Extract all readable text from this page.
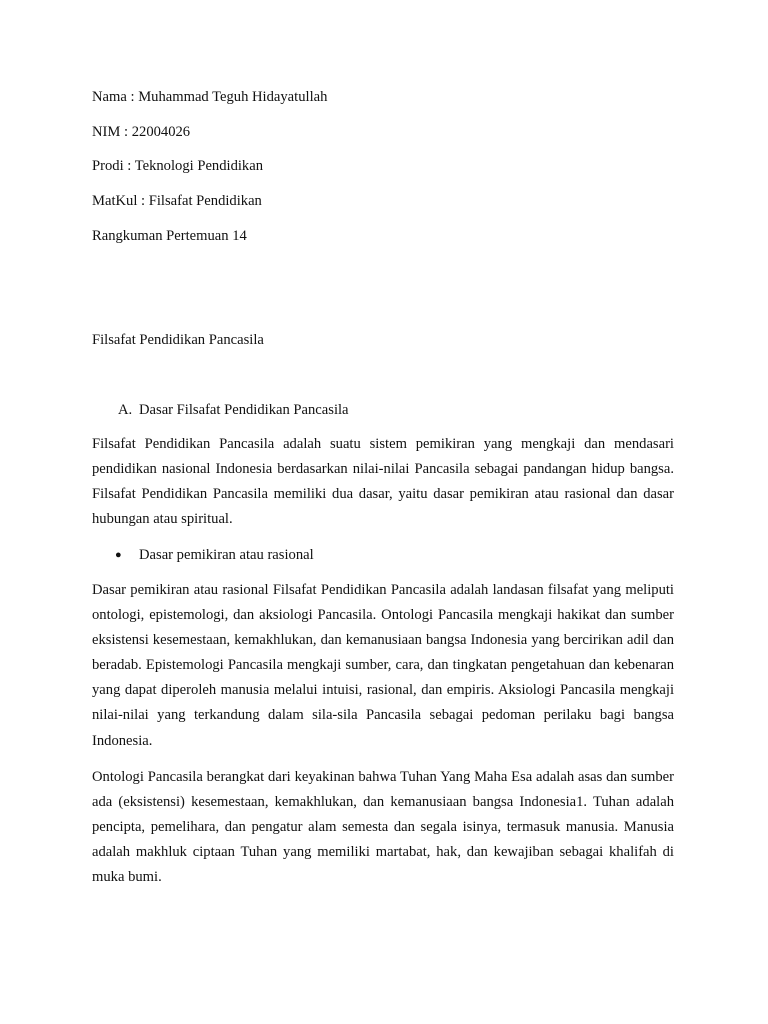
Nama : Muhammad Teguh Hidayatullah
NIM : 22004026
Prodi : Teknologi Pendidikan
MatKul : Filsafat Pendidikan
Rangkuman Pertemuan 14
Filsafat Pendidikan Pancasila
A. Dasar Filsafat Pendidikan Pancasila

Filsafat Pendidikan Pancasila adalah suatu sistem pemikiran yang mengkaji dan mendasari pendidikan nasional Indonesia berdasarkan nilai-nilai Pancasila sebagai pandangan hidup bangsa. Filsafat Pendidikan Pancasila memiliki dua dasar, yaitu dasar pemikiran atau rasional dan dasar hubungan atau spiritual.

● Dasar pemikiran atau rasional

Dasar pemikiran atau rasional Filsafat Pendidikan Pancasila adalah landasan filsafat yang meliputi ontologi, epistemologi, dan aksiologi Pancasila. Ontologi Pancasila mengkaji hakikat dan sumber eksistensi kesemestaan, kemakhlukan, dan kemanusiaan bangsa Indonesia yang bercirikan adil dan beradab. Epistemologi Pancasila mengkaji sumber, cara, dan tingkatan pengetahuan dan kebenaran yang dapat diperoleh manusia melalui intuisi, rasional, dan empiris. Aksiologi Pancasila mengkaji nilai-nilai yang terkandung dalam sila-sila Pancasila sebagai pedoman perilaku bagi bangsa Indonesia.

Ontologi Pancasila berangkat dari keyakinan bahwa Tuhan Yang Maha Esa adalah asas dan sumber ada (eksistensi) kesemestaan, kemakhlukan, dan kemanusiaan bangsa Indonesia1. Tuhan adalah pencipta, pemelihara, dan pengatur alam semesta dan segala isinya, termasuk manusia. Manusia adalah makhluk ciptaan Tuhan yang memiliki martabat, hak, dan kewajiban sebagai khalifah di muka bumi.
